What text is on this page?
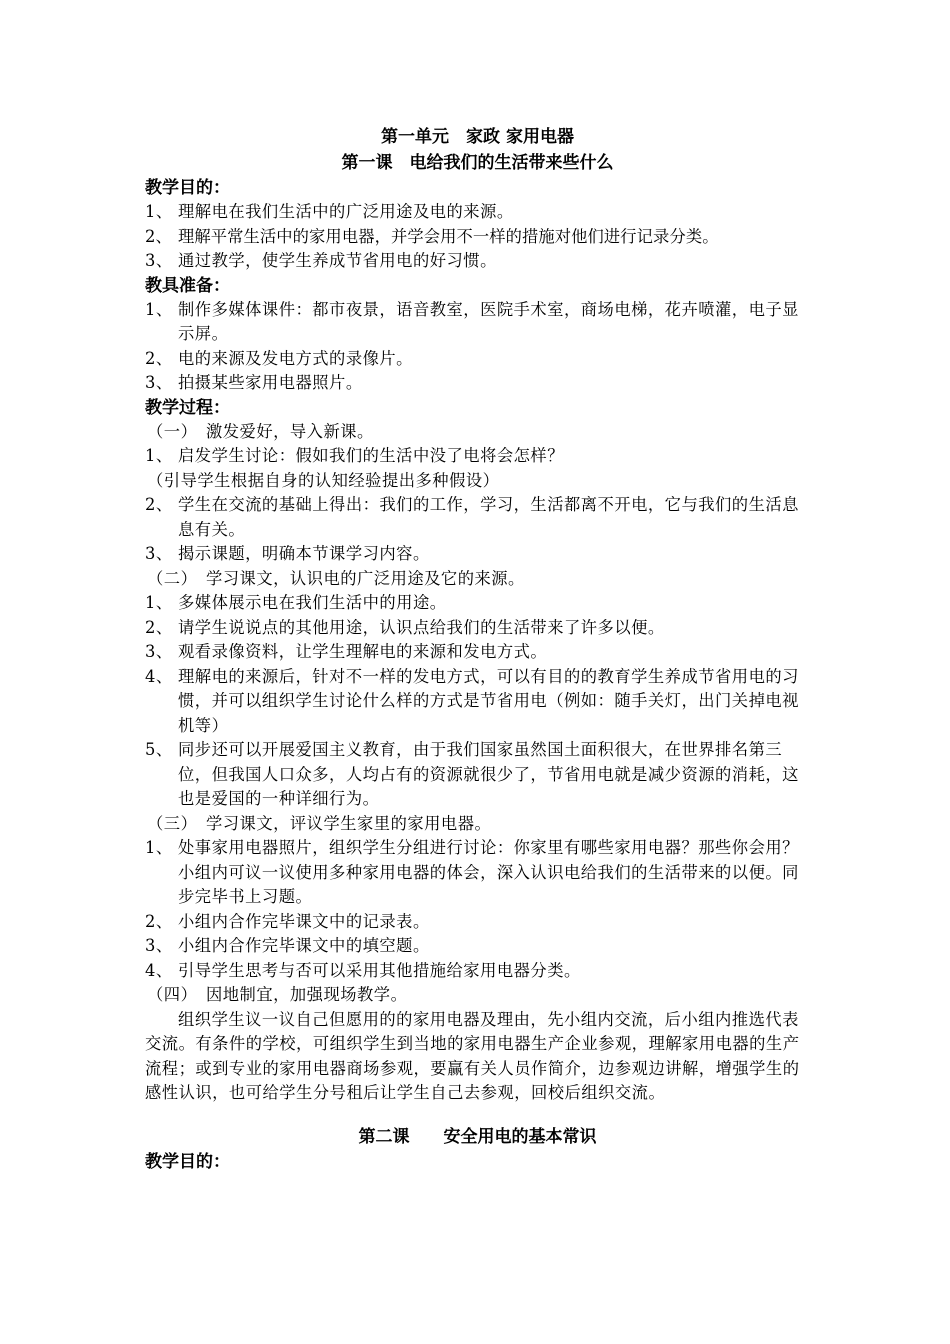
第一单元　家政 家用电器
第一课　电给我们的生活带来些什么
教学目的：
1、 理解电在我们生活中的广泛用途及电的来源。
2、 理解平常生活中的家用电器，并学会用不一样的措施对他们进行记录分类。
3、 通过教学，使学生养成节省用电的好习惯。
教具准备：
1、 制作多媒体课件：都市夜景，语音教室，医院手术室，商场电梯，花卉喷灌，电子显示屏。
2、 电的来源及发电方式的录像片。
3、 拍摄某些家用电器照片。
教学过程：
（一）　激发爱好，导入新课。
1、 启发学生讨论：假如我们的生活中没了电将会怎样？
（引导学生根据自身的认知经验提出多种假设）
2、 学生在交流的基础上得出：我们的工作，学习，生活都离不开电，它与我们的生活息息有关。
3、 揭示课题，明确本节课学习内容。
（二）　学习课文，认识电的广泛用途及它的来源。
1、 多媒体展示电在我们生活中的用途。
2、 请学生说说点的其他用途，认识点给我们的生活带来了许多以便。
3、 观看录像资料，让学生理解电的来源和发电方式。
4、 理解电的来源后，针对不一样的发电方式，可以有目的的教育学生养成节省用电的习惯，并可以组织学生讨论什么样的方式是节省用电（例如：随手关灯，出门关掉电视机等）
5、 同步还可以开展爱国主义教育，由于我们国家虽然国土面积很大，在世界排名第三位，但我国人口众多，人均占有的资源就很少了，节省用电就是减少资源的消耗，这也是爱国的一种详细行为。
（三）　学习课文，评议学生家里的家用电器。
1、 处事家用电器照片，组织学生分组进行讨论：你家里有哪些家用电器？那些你会用？小组内可议一议使用多种家用电器的体会，深入认识电给我们的生活带来的以便。同步完毕书上习题。
2、 小组内合作完毕课文中的记录表。
3、 小组内合作完毕课文中的填空题。
4、 引导学生思考与否可以采用其他措施给家用电器分类。
（四）　因地制宜，加强现场教学。
组织学生议一议自己但愿用的的家用电器及理由，先小组内交流，后小组内推选代表交流。有条件的学校，可组织学生到当地的家用电器生产企业参观，理解家用电器的生产流程；或到专业的家用电器商场参观，要赢有关人员作简介，边参观边讲解，增强学生的感性认识，也可给学生分号租后让学生自己去参观，回校后组织交流。
第二课　　安全用电的基本常识
教学目的：
